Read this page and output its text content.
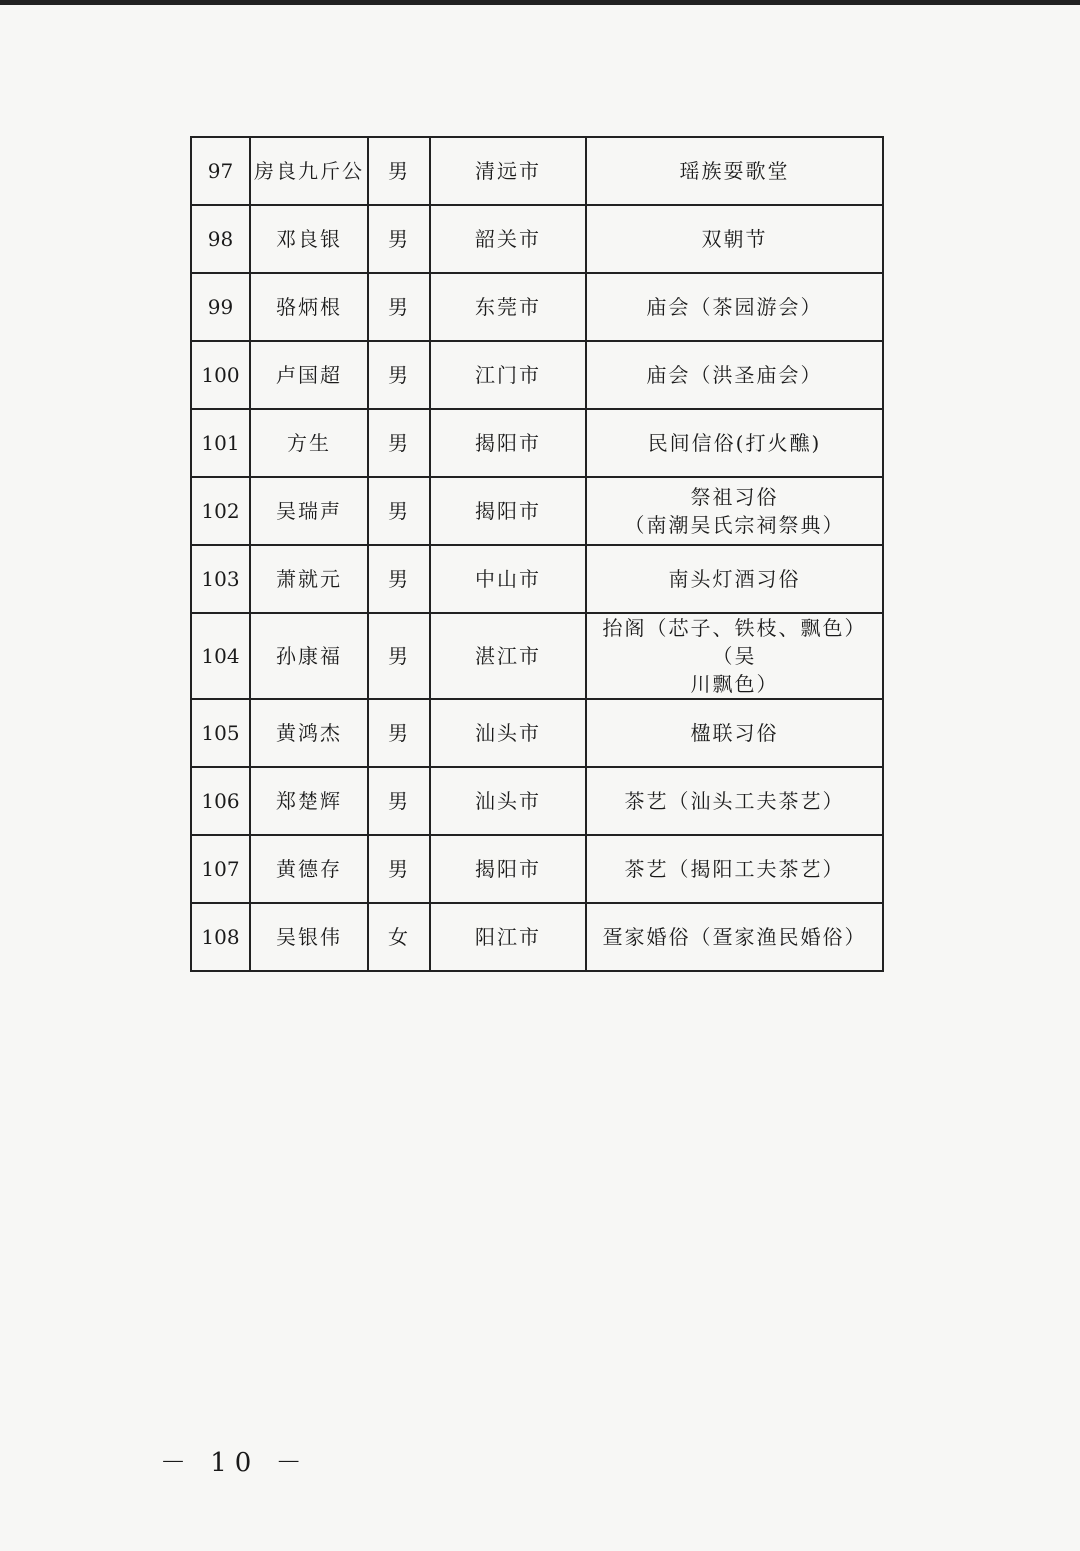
97	房良九斤公	男	清远市	瑶族耍歌堂

98	邓良银	男	韶关市	双朝节

99	骆炳根	男	东莞市	庙会（茶园游会）

100	卢国超	男	江门市	庙会（洪圣庙会）

101	方生	男	揭阳市	民间信俗(打火醮)

102	吴瑞声	男	揭阳市	祭祖习俗
（南潮吴氏宗祠祭典）

103	萧就元	男	中山市	南头灯酒习俗

104	孙康福	男	湛江市	抬阁（芯子、铁枝、飘色）（吴
川飘色）

105	黄鸿杰	男	汕头市	楹联习俗

106	郑楚辉	男	汕头市	茶艺（汕头工夫茶艺）

107	黄德存	男	揭阳市	茶艺（揭阳工夫茶艺）

108	吴银伟	女	阳江市	疍家婚俗（疍家渔民婚俗）
－ 10 －
